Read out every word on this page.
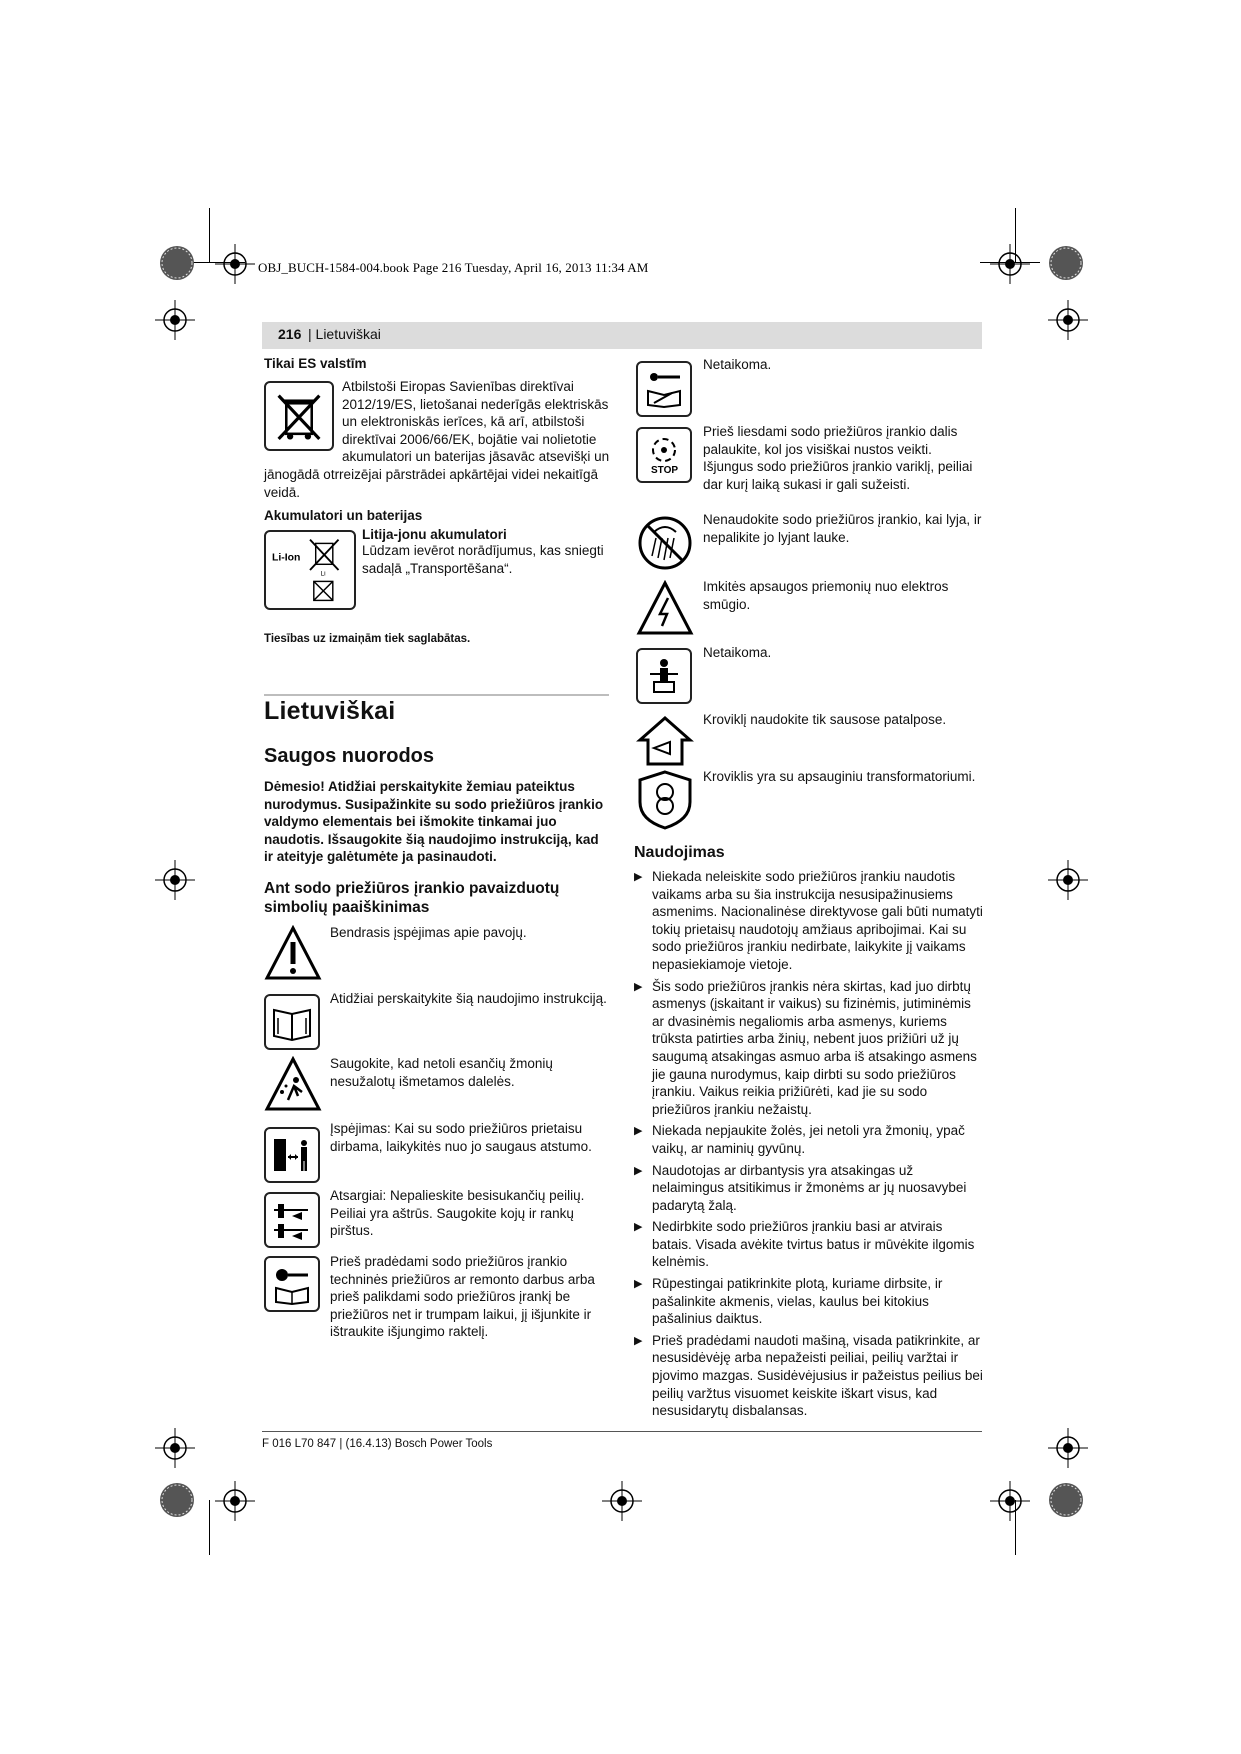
OBJ_BUCH-1584-004.book Page 216 Tuesday, April 16, 2013 11:34 AM
216 | Lietuviškai
Tikai ES valstīm
Atbilstoši Eiropas Savienības direktīvai
2012/19/ES, lietošanai nederīgās elektriskās
un elektroniskās ierīces, kā arī, atbilstoši
direktīvai 2006/66/EK, bojātie vai nolietotie
akumulatori un baterijas jāsavāc atsevišķi un
jānogādā otrreizējai pārstrādei apkārtējai videi nekaitīgā veidā.
Akumulatori un baterijas
Li-Ion
Li
Litija-jonu akumulatori
Lūdzam ievērot norādījumus, kas sniegti sadaļā „Transportēšana“.
Tiesības uz izmaiņām tiek saglabātas.
Lietuviškai
Saugos nuorodos
Dėmesio! Atidžiai perskaitykite žemiau pateiktus nurodymus. Susipažinkite su sodo priežiūros įrankio valdymo elementais bei išmokite tinkamai juo naudotis. Išsaugokite šią naudojimo instrukciją, kad ir ateityje galėtumėte ja pasinaudoti.
Ant sodo priežiūros įrankio pavaizduotų simbolių paaiškinimas
Bendrasis įspėjimas apie pavojų.
Atidžiai perskaitykite šią naudojimo instrukciją.
Saugokite, kad netoli esančių žmonių nesužalotų išmetamos dalelės.
Įspėjimas: Kai su sodo priežiūros prietaisu dirbama, laikykitės nuo jo saugaus atstumo.
Atsargiai: Nepalieskite besisukančių peilių. Peiliai yra aštrūs. Saugokite kojų ir rankų pirštus.
Prieš pradėdami sodo priežiūros įrankio techninės priežiūros ar remonto darbus arba prieš palikdami sodo priežiūros įrankį be priežiūros net ir trumpam laikui, jį išjunkite ir ištraukite išjungimo raktelį.
Netaikoma.
STOP
Prieš liesdami sodo priežiūros įrankio dalis palaukite, kol jos visiškai nustos veikti. Išjungus sodo priežiūros įrankio variklį, peiliai dar kurį laiką sukasi ir gali sužeisti.
Nenaudokite sodo priežiūros įrankio, kai lyja, ir nepalikite jo lyjant lauke.
Imkitės apsaugos priemonių nuo elektros smūgio.
Netaikoma.
Kroviklį naudokite tik sausose patalpose.
Kroviklis yra su apsauginiu transformatoriumi.
Naudojimas
▶ Niekada neleiskite sodo priežiūros įrankiu naudotis vaikams arba su šia instrukcija nesusipažinusiems asmenims. Nacionalinėse direktyvose gali būti numatyti tokių prietaisų naudotojų amžiaus apribojimai. Kai su sodo priežiūros įrankiu nedirbate, laikykite jį vaikams nepasiekiamoje vietoje.
▶ Šis sodo priežiūros įrankis nėra skirtas, kad juo dirbtų asmenys (įskaitant ir vaikus) su fizinėmis, jutiminėmis ar dvasinėmis negaliomis arba asmenys, kuriems trūksta patirties arba žinių, nebent juos prižiūri už jų saugumą atsakingas asmuo arba iš atsakingo asmens jie gauna nurodymus, kaip dirbti su sodo priežiūros įrankiu. Vaikus reikia prižiūrėti, kad jie su sodo priežiūros įrankiu nežaistų.
▶ Niekada nepjaukite žolės, jei netoli yra žmonių, ypač vaikų, ar naminių gyvūnų.
▶ Naudotojas ar dirbantysis yra atsakingas už nelaimingus atsitikimus ir žmonėms ar jų nuosavybei padarytą žalą.
▶ Nedirbkite sodo priežiūros įrankiu basi ar atvirais batais. Visada avėkite tvirtus batus ir mūvėkite ilgomis kelnėmis.
▶ Rūpestingai patikrinkite plotą, kuriame dirbsite, ir pašalinkite akmenis, vielas, kaulus bei kitokius pašalinius daiktus.
▶ Prieš pradėdami naudoti mašiną, visada patikrinkite, ar nesusidėvėję arba nepažeisti peiliai, peilių varžtai ir pjovimo mazgas. Susidėvėjusius ir pažeistus peilius bei peilių varžtus visuomet keiskite iškart visus, kad nesusidarytų disbalansas.
F 016 L70 847 | (16.4.13) Bosch Power Tools
